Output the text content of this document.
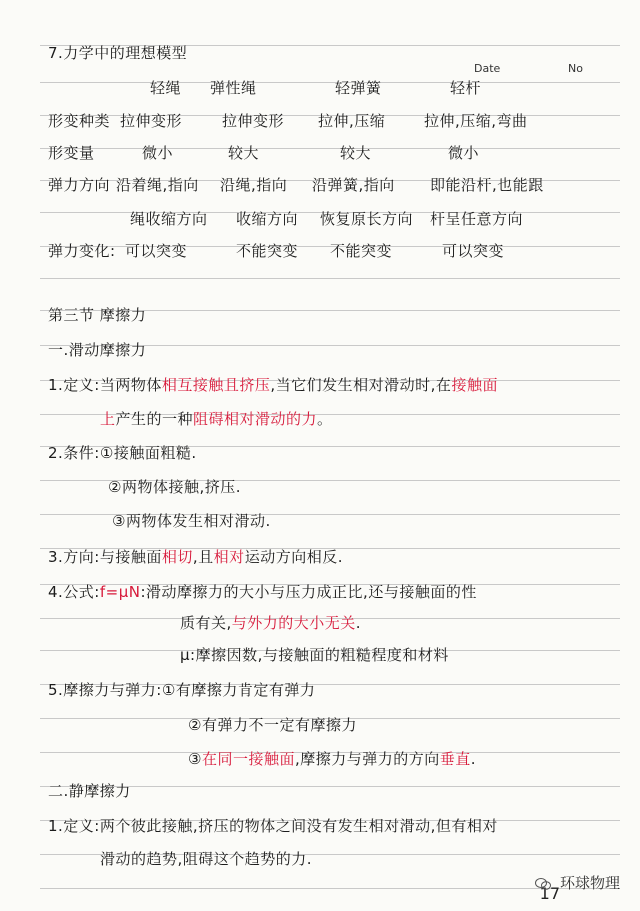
Date	No
7.力学中的理想模型
轻绳 弹性绳	轻弹簧	轻杆
形变种类 拉伸变形	拉伸变形 拉伸,压缩	拉伸,压缩,弯曲
形变量	微小	较大	较大	微小
弹力方向 沿着绳,指向 沿绳,指向 沿弹簧,指向 即能沿杆,也能跟
绳收缩方向 收缩方向 恢复原长方向 杆呈任意方向
弹力变化: 可以突变	不能突变 不能突变	可以突变
第三节 摩擦力
一.滑动摩擦力
1.定义:当两物体相互接触且挤压,当它们发生相对滑动时,在接触面
上产生的一种阻碍相对滑动的力。
2.条件:①接触面粗糙.
②两物体接触,挤压.
③两物体发生相对滑动.
3.方向:与接触面相切,且相对运动方向相反.
4.公式:f=μN:滑动摩擦力的大小与压力成正比,还与接触面的性
质有关,与外力的大小无关.
μ:摩擦因数,与接触面的粗糙程度和材料
5.摩擦力与弹力:①有摩擦力肯定有弹力
②有弹力不一定有摩擦力
③在同一接触面,摩擦力与弹力的方向垂直.
二.静摩擦力
1.定义:两个彼此接触,挤压的物体之间没有发生相对滑动,但有相对
滑动的趋势,阻碍这个趋势的力.
17
环球物理
